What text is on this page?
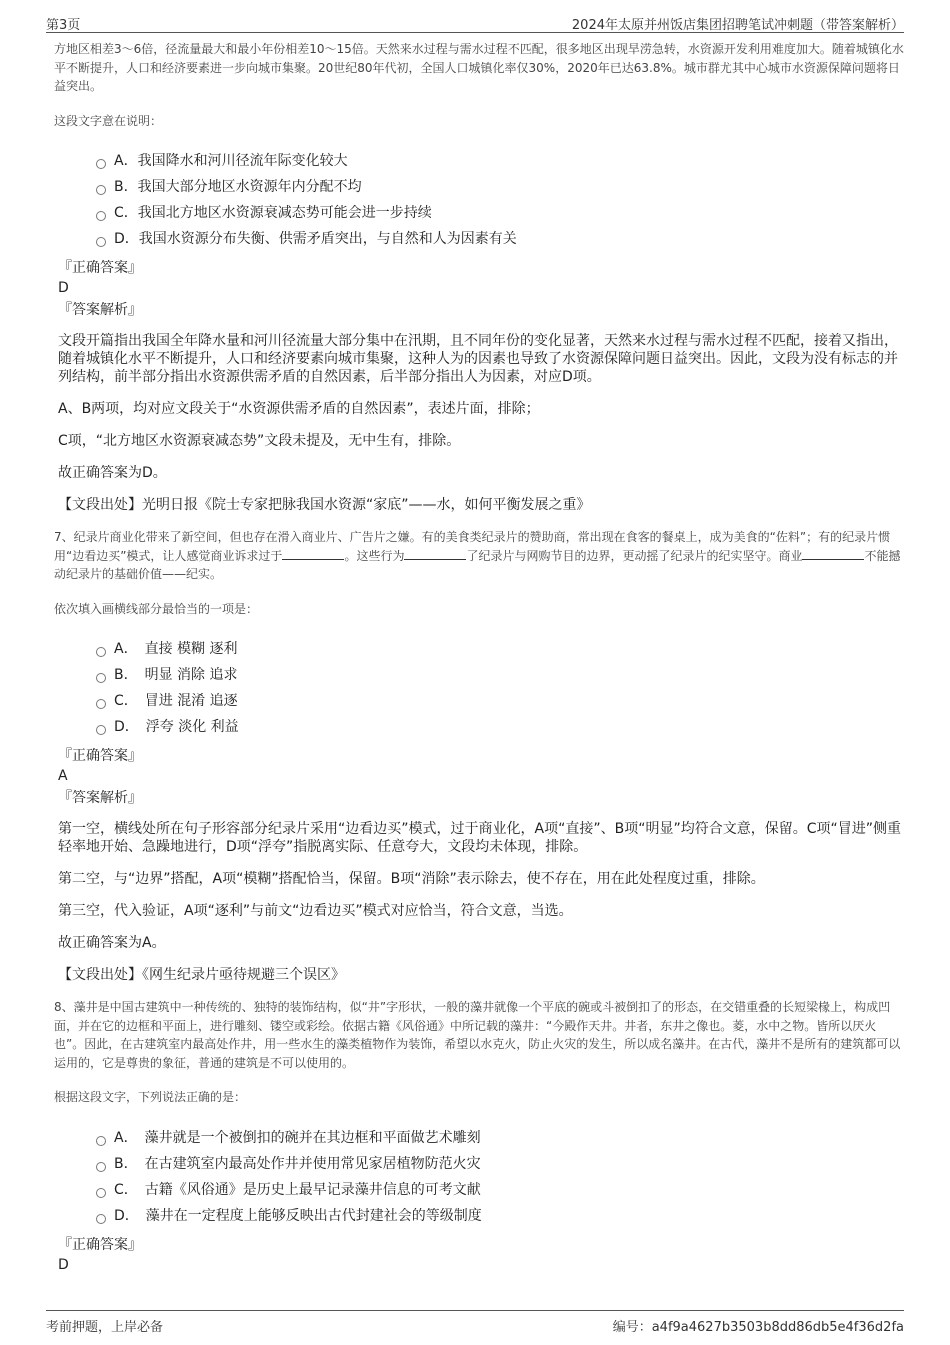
第3页	2024年太原并州饭店集团招聘笔试冲刺题（带答案解析）

方地区相差3～6倍，径流量最大和最小年份相差10～15倍。天然来水过程与需水过程不匹配，很多地区出现旱涝急转，水资源开发利用难度加大。随着城镇化水平不断提升，人口和经济要素进一步向城市集聚。20世纪80年代初，全国人口城镇化率仅30%，2020年已达63.8%。城市群尤其中心城市水资源保障问题将日益突出。

这段文字意在说明：

A．我国降水和河川径流年际变化较大
B．我国大部分地区水资源年内分配不均
C．我国北方地区水资源衰减态势可能会进一步持续
D．我国水资源分布失衡、供需矛盾突出，与自然和人为因素有关
『正确答案』
D
『答案解析』

文段开篇指出我国全年降水量和河川径流量大部分集中在汛期，且不同年份的变化显著，天然来水过程与需水过程不匹配，接着又指出，随着城镇化水平不断提升，人口和经济要素向城市集聚，这种人为的因素也导致了水资源保障问题日益突出。因此，文段为没有标志的并列结构，前半部分指出水资源供需矛盾的自然因素，后半部分指出人为因素，对应D项。

A、B两项，均对应文段关于“水资源供需矛盾的自然因素”，表述片面，排除；

C项，“北方地区水资源衰减态势”文段未提及，无中生有，排除。

故正确答案为D。

【文段出处】光明日报《院士专家把脉我国水资源“家底”——水，如何平衡发展之重》

7、纪录片商业化带来了新空间，但也存在滑入商业片、广告片之嫌。有的美食类纪录片的赞助商，常出现在食客的餐桌上，成为美食的“佐料”；有的纪录片惯用“边看边买”模式，让人感觉商业诉求过于	。这些行为	了纪录片与网购节目的边界，更动摇了纪录片的纪实坚守。商业	不能撼动纪录片的基础价值——纪实。

依次填入画横线部分最恰当的一项是：

A．　直接 模糊 逐利
B．　明显 消除 追求
C．　冒进 混淆 追逐
D．　浮夸 淡化 利益
『正确答案』
A
『答案解析』

第一空，横线处所在句子形容部分纪录片采用“边看边买”模式，过于商业化，A项“直接”、B项“明显”均符合文意，保留。C项“冒进”侧重轻率地开始、急躁地进行，D项“浮夸”指脱离实际、任意夸大，文段均未体现，排除。

第二空，与“边界”搭配，A项“模糊”搭配恰当，保留。B项“消除”表示除去，使不存在，用在此处程度过重，排除。

第三空，代入验证，A项“逐利”与前文“边看边买”模式对应恰当，符合文意，当选。

故正确答案为A。

【文段出处】《网生纪录片亟待规避三个误区》

8、藻井是中国古建筑中一种传统的、独特的装饰结构，似“井”字形状，一般的藻井就像一个平底的碗或斗被倒扣了的形态，在交错重叠的长短梁椽上，构成凹面，并在它的边框和平面上，进行雕刻、镂空或彩绘。依据古籍《风俗通》中所记载的藻井：“今殿作天井。井者，东井之像也。菱，水中之物。皆所以厌火也”。因此，在古建筑室内最高处作井，用一些水生的藻类植物作为装饰，希望以水克火，防止火灾的发生，所以成名藻井。在古代，藻井不是所有的建筑都可以运用的，它是尊贵的象征，普通的建筑是不可以使用的。

根据这段文字，下列说法正确的是：

A．　藻井就是一个被倒扣的碗并在其边框和平面做艺术雕刻
B．　在古建筑室内最高处作井并使用常见家居植物防范火灾
C．　古籍《风俗通》是历史上最早记录藻井信息的可考文献
D．　藻井在一定程度上能够反映出古代封建社会的等级制度
『正确答案』
D
考前押题，上岸必备	编号：a4f9a4627b3503b8dd86db5e4f36d2fa
